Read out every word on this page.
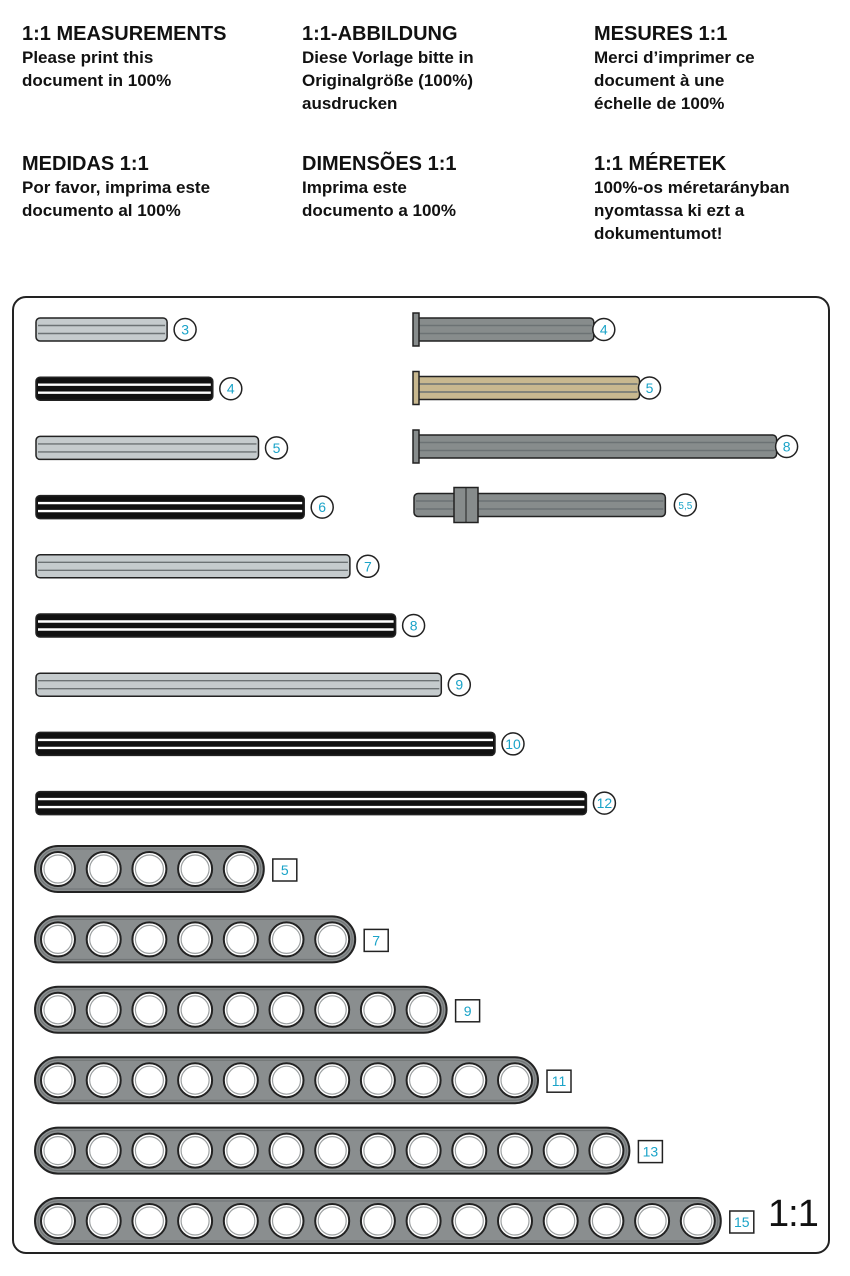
1:1 MEASUREMENTS

Please print this
document in 100%

1:1-ABBILDUNG

Diese Vorlage bitte in
Originalgröße (100%)
ausdrucken

MESURES 1:1

Merci d’imprimer ce
document à une
échelle de 100%

MEDIDAS 1:1

Por favor, imprima este
documento al 100%

DIMENSÕES 1:1

Imprima este
documento a 100%

1:1 MÉRETEK

100%-os méretarányban
nyomtassa ki ezt a
dokumentumot!

3
4
5
6
7
8
9
10
12
4
5
8
5,5
5
7
9
11
13
15 1:1
